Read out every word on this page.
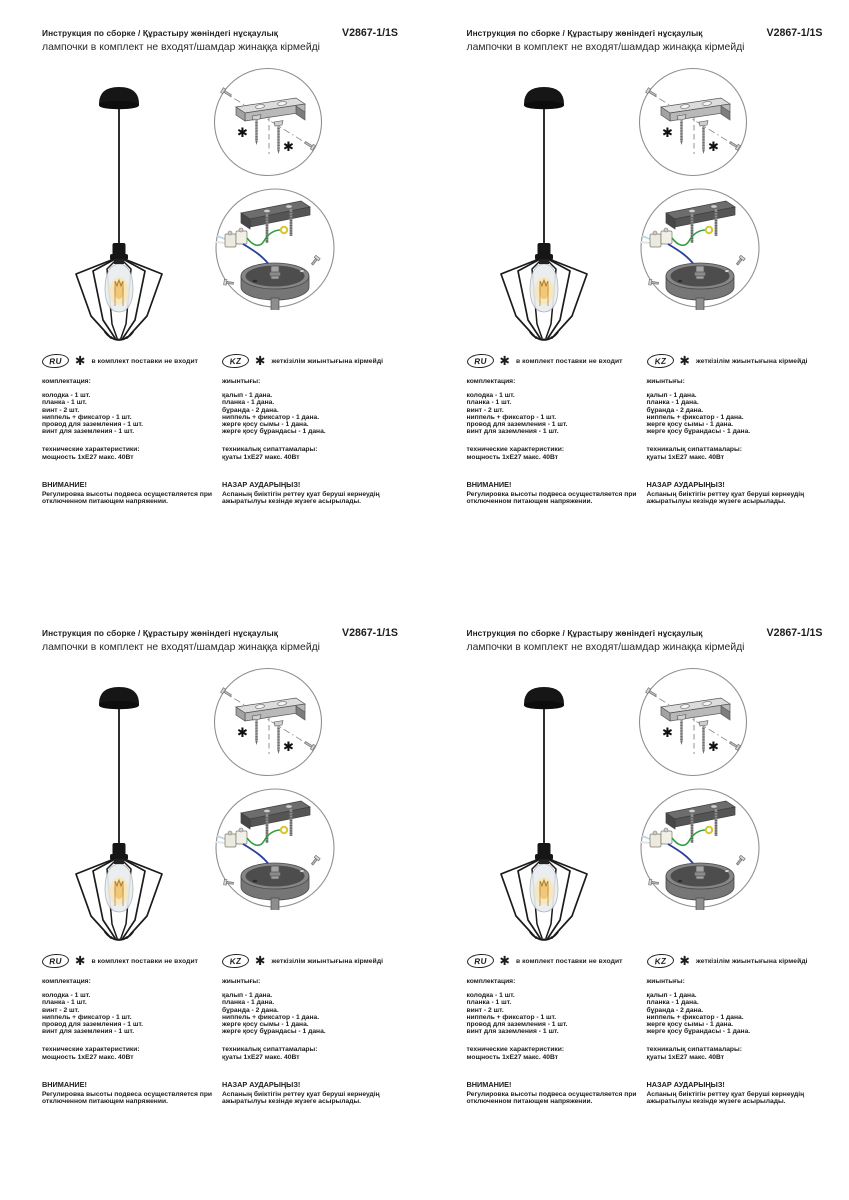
Инструкция по сборке / Құрастыру жөніндегі нұсқаулық	V2867-1/1S
лампочки в комплект не входят/шамдар жинаққа кірмейді
✱
✱
RU	✱ в комплект поставки не входит
комплектация:
колодка - 1 шт.
планка - 1 шт.
винт - 2 шт.
ниппель + фиксатор - 1 шт.
провод для заземления - 1 шт.
винт для заземления - 1 шт.
технические характеристики:
мощность 1хЕ27 макс. 40Вт
ВНИМАНИЕ!
Регулировка высоты подвеса осуществляется при отключенном питающем напряжении.
KZ	✱ жеткізілім жиынтығына кірмейді
жиынтығы:
қалып - 1 дана.
планка - 1 дана.
бұранда - 2 дана.
ниппель + фиксатор - 1 дана.
жерге қосу сымы - 1 дана.
жерге қосу бұрандасы - 1 дана.
техникалық сипаттамалары:
қуаты 1хЕ27 макс. 40Вт
НАЗАР АУДАРЫҢЫЗ!
Аспаның биіктігін реттеу қуат беруші кернеудің ажыратылуы кезінде жүзеге асырылады.
Инструкция по сборке / Құрастыру жөніндегі нұсқаулық	V2867-1/1S
лампочки в комплект не входят/шамдар жинаққа кірмейді
✱
✱
RU	✱ в комплект поставки не входит
комплектация:
колодка - 1 шт.
планка - 1 шт.
винт - 2 шт.
ниппель + фиксатор - 1 шт.
провод для заземления - 1 шт.
винт для заземления - 1 шт.
технические характеристики:
мощность 1хЕ27 макс. 40Вт
ВНИМАНИЕ!
Регулировка высоты подвеса осуществляется при отключенном питающем напряжении.
KZ	✱ жеткізілім жиынтығына кірмейді
жиынтығы:
қалып - 1 дана.
планка - 1 дана.
бұранда - 2 дана.
ниппель + фиксатор - 1 дана.
жерге қосу сымы - 1 дана.
жерге қосу бұрандасы - 1 дана.
техникалық сипаттамалары:
қуаты 1хЕ27 макс. 40Вт
НАЗАР АУДАРЫҢЫЗ!
Аспаның биіктігін реттеу қуат беруші кернеудің ажыратылуы кезінде жүзеге асырылады.
Инструкция по сборке / Құрастыру жөніндегі нұсқаулық	V2867-1/1S
лампочки в комплект не входят/шамдар жинаққа кірмейді
✱
✱
RU	✱ в комплект поставки не входит
комплектация:
колодка - 1 шт.
планка - 1 шт.
винт - 2 шт.
ниппель + фиксатор - 1 шт.
провод для заземления - 1 шт.
винт для заземления - 1 шт.
технические характеристики:
мощность 1хЕ27 макс. 40Вт
ВНИМАНИЕ!
Регулировка высоты подвеса осуществляется при отключенном питающем напряжении.
KZ	✱ жеткізілім жиынтығына кірмейді
жиынтығы:
қалып - 1 дана.
планка - 1 дана.
бұранда - 2 дана.
ниппель + фиксатор - 1 дана.
жерге қосу сымы - 1 дана.
жерге қосу бұрандасы - 1 дана.
техникалық сипаттамалары:
қуаты 1хЕ27 макс. 40Вт
НАЗАР АУДАРЫҢЫЗ!
Аспаның биіктігін реттеу қуат беруші кернеудің ажыратылуы кезінде жүзеге асырылады.
Инструкция по сборке / Құрастыру жөніндегі нұсқаулық	V2867-1/1S
лампочки в комплект не входят/шамдар жинаққа кірмейді
✱
✱
RU	✱ в комплект поставки не входит
комплектация:
колодка - 1 шт.
планка - 1 шт.
винт - 2 шт.
ниппель + фиксатор - 1 шт.
провод для заземления - 1 шт.
винт для заземления - 1 шт.
технические характеристики:
мощность 1хЕ27 макс. 40Вт
ВНИМАНИЕ!
Регулировка высоты подвеса осуществляется при отключенном питающем напряжении.
KZ	✱ жеткізілім жиынтығына кірмейді
жиынтығы:
қалып - 1 дана.
планка - 1 дана.
бұранда - 2 дана.
ниппель + фиксатор - 1 дана.
жерге қосу сымы - 1 дана.
жерге қосу бұрандасы - 1 дана.
техникалық сипаттамалары:
қуаты 1хЕ27 макс. 40Вт
НАЗАР АУДАРЫҢЫЗ!
Аспаның биіктігін реттеу қуат беруші кернеудің ажыратылуы кезінде жүзеге асырылады.
